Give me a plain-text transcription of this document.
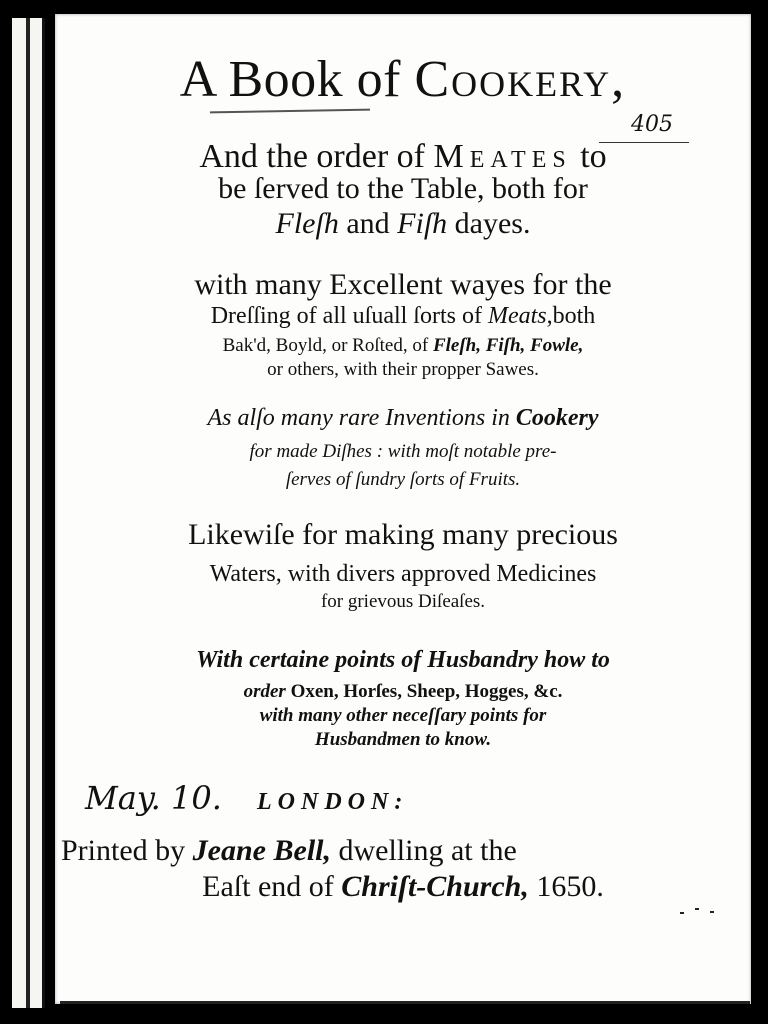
A Book of Cookery,
405
And the order of Meates to
be ſerved to the Table, both for
Fleſh and Fiſh dayes.
with many Excellent wayes for the
Dreſſing of all uſuall ſorts of Meats,both
Bak'd, Boyld, or Roſted, of Fleſh, Fiſh, Fowle,
or others, with their propper Sawes.
As alſo many rare Inventions in Cookery
for made Diſhes : with moſt notable pre-
ſerves of ſundry ſorts of Fruits.
Likewiſe for making many precious
Waters, with divers approved Medicines
for grievous Diſeaſes.
With certaine points of Husbandry how to
order Oxen, Horſes, Sheep, Hogges, &c.
with many other neceſſary points for
Husbandmen to know.
May. 10. LONDON:
Printed by Jeane Bell, dwelling at the
Eaſt end of Chriſt-Church, 1650.
